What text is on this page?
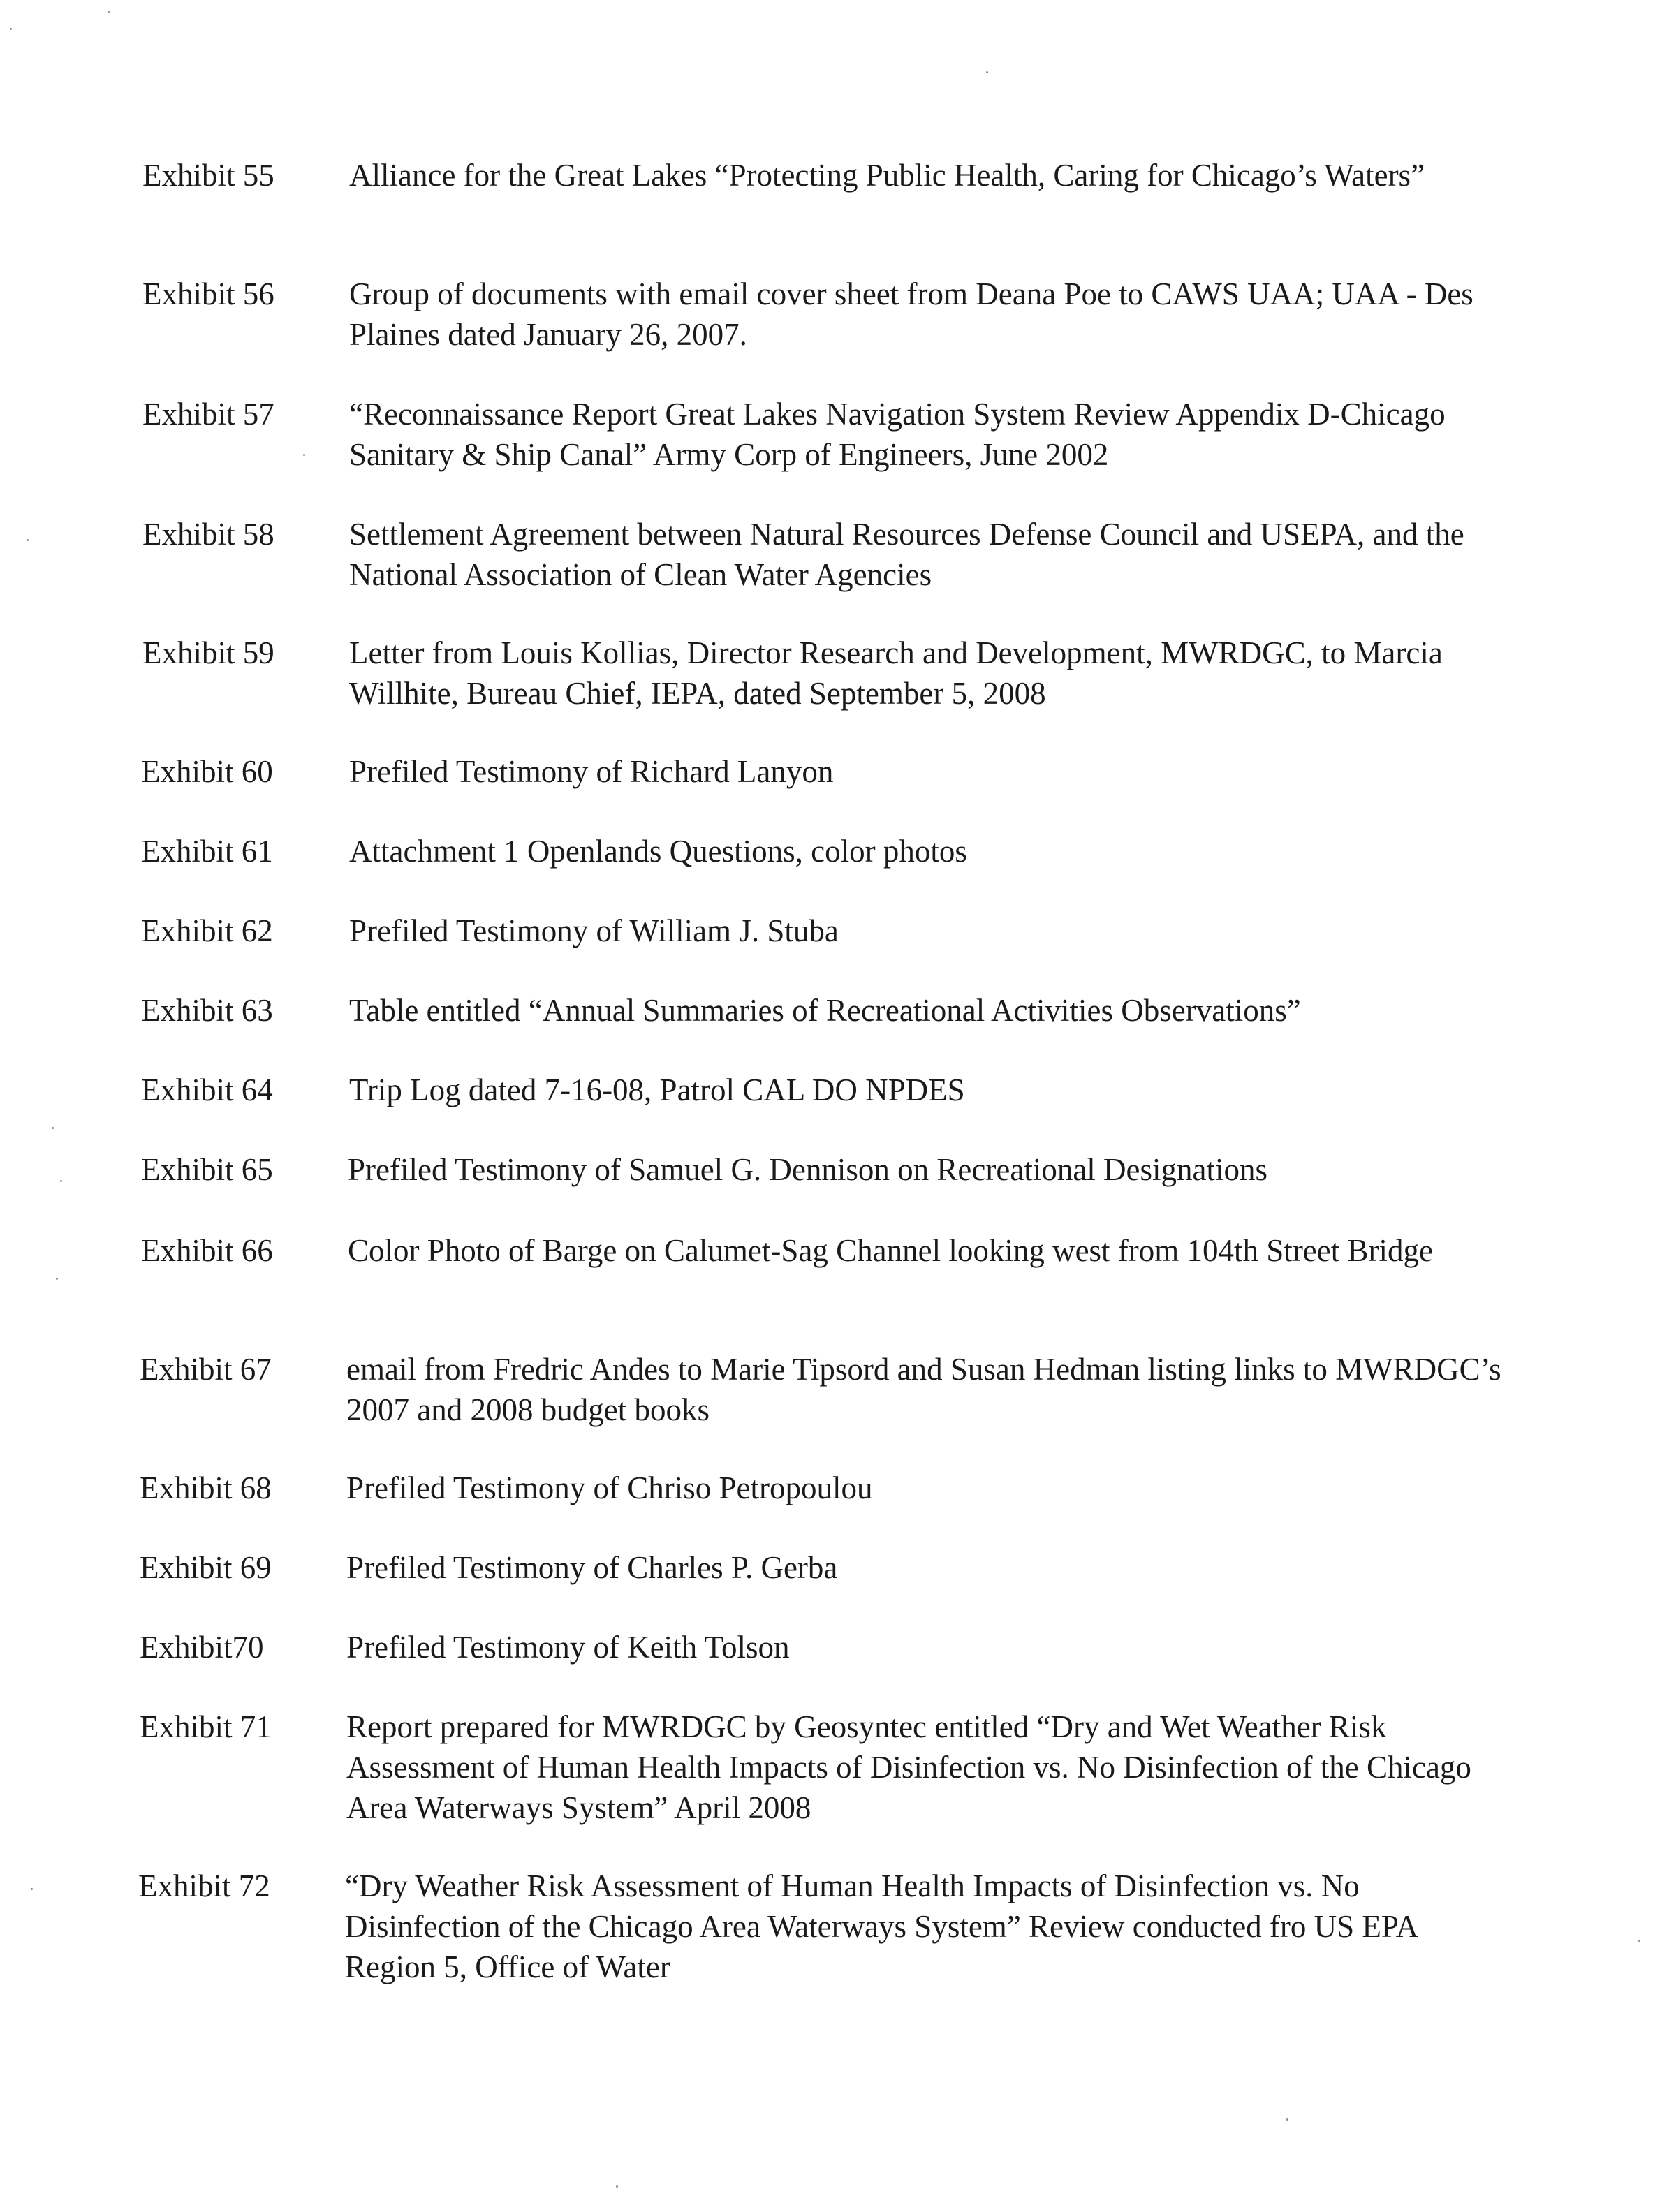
Exhibit 55 Alliance for the Great Lakes “Protecting Public Health, Caring for Chicago’s Waters”
Exhibit 56 Group of documents with email cover sheet from Deana Poe to CAWS UAA; UAA - Des Plaines dated January 26, 2007.
Exhibit 57 “Reconnaissance Report Great Lakes Navigation System Review Appendix D-Chicago Sanitary & Ship Canal” Army Corp of Engineers, June 2002
Exhibit 58 Settlement Agreement between Natural Resources Defense Council and USEPA, and the National Association of Clean Water Agencies
Exhibit 59 Letter from Louis Kollias, Director Research and Development, MWRDGC, to Marcia Willhite, Bureau Chief, IEPA, dated September 5, 2008
Exhibit 60 Prefiled Testimony of Richard Lanyon
Exhibit 61 Attachment 1 Openlands Questions, color photos
Exhibit 62 Prefiled Testimony of William J. Stuba
Exhibit 63 Table entitled “Annual Summaries of Recreational Activities Observations”
Exhibit 64 Trip Log dated 7-16-08, Patrol CAL DO NPDES
Exhibit 65 Prefiled Testimony of Samuel G. Dennison on Recreational Designations
Exhibit 66 Color Photo of Barge on Calumet-Sag Channel looking west from 104th Street Bridge
Exhibit 67 email from Fredric Andes to Marie Tipsord and Susan Hedman listing links to MWRDGC’s 2007 and 2008 budget books
Exhibit 68 Prefiled Testimony of Chriso Petropoulou
Exhibit 69 Prefiled Testimony of Charles P. Gerba
Exhibit70	Prefiled Testimony of Keith Tolson
Exhibit 71 Report prepared for MWRDGC by Geosyntec entitled “Dry and Wet Weather Risk Assessment of Human Health Impacts of Disinfection vs. No Disinfection of the Chicago Area Waterways System” April 2008
Exhibit 72 “Dry Weather Risk Assessment of Human Health Impacts of Disinfection vs. No Disinfection of the Chicago Area Waterways System” Review conducted fro US EPA Region 5, Office of Water
